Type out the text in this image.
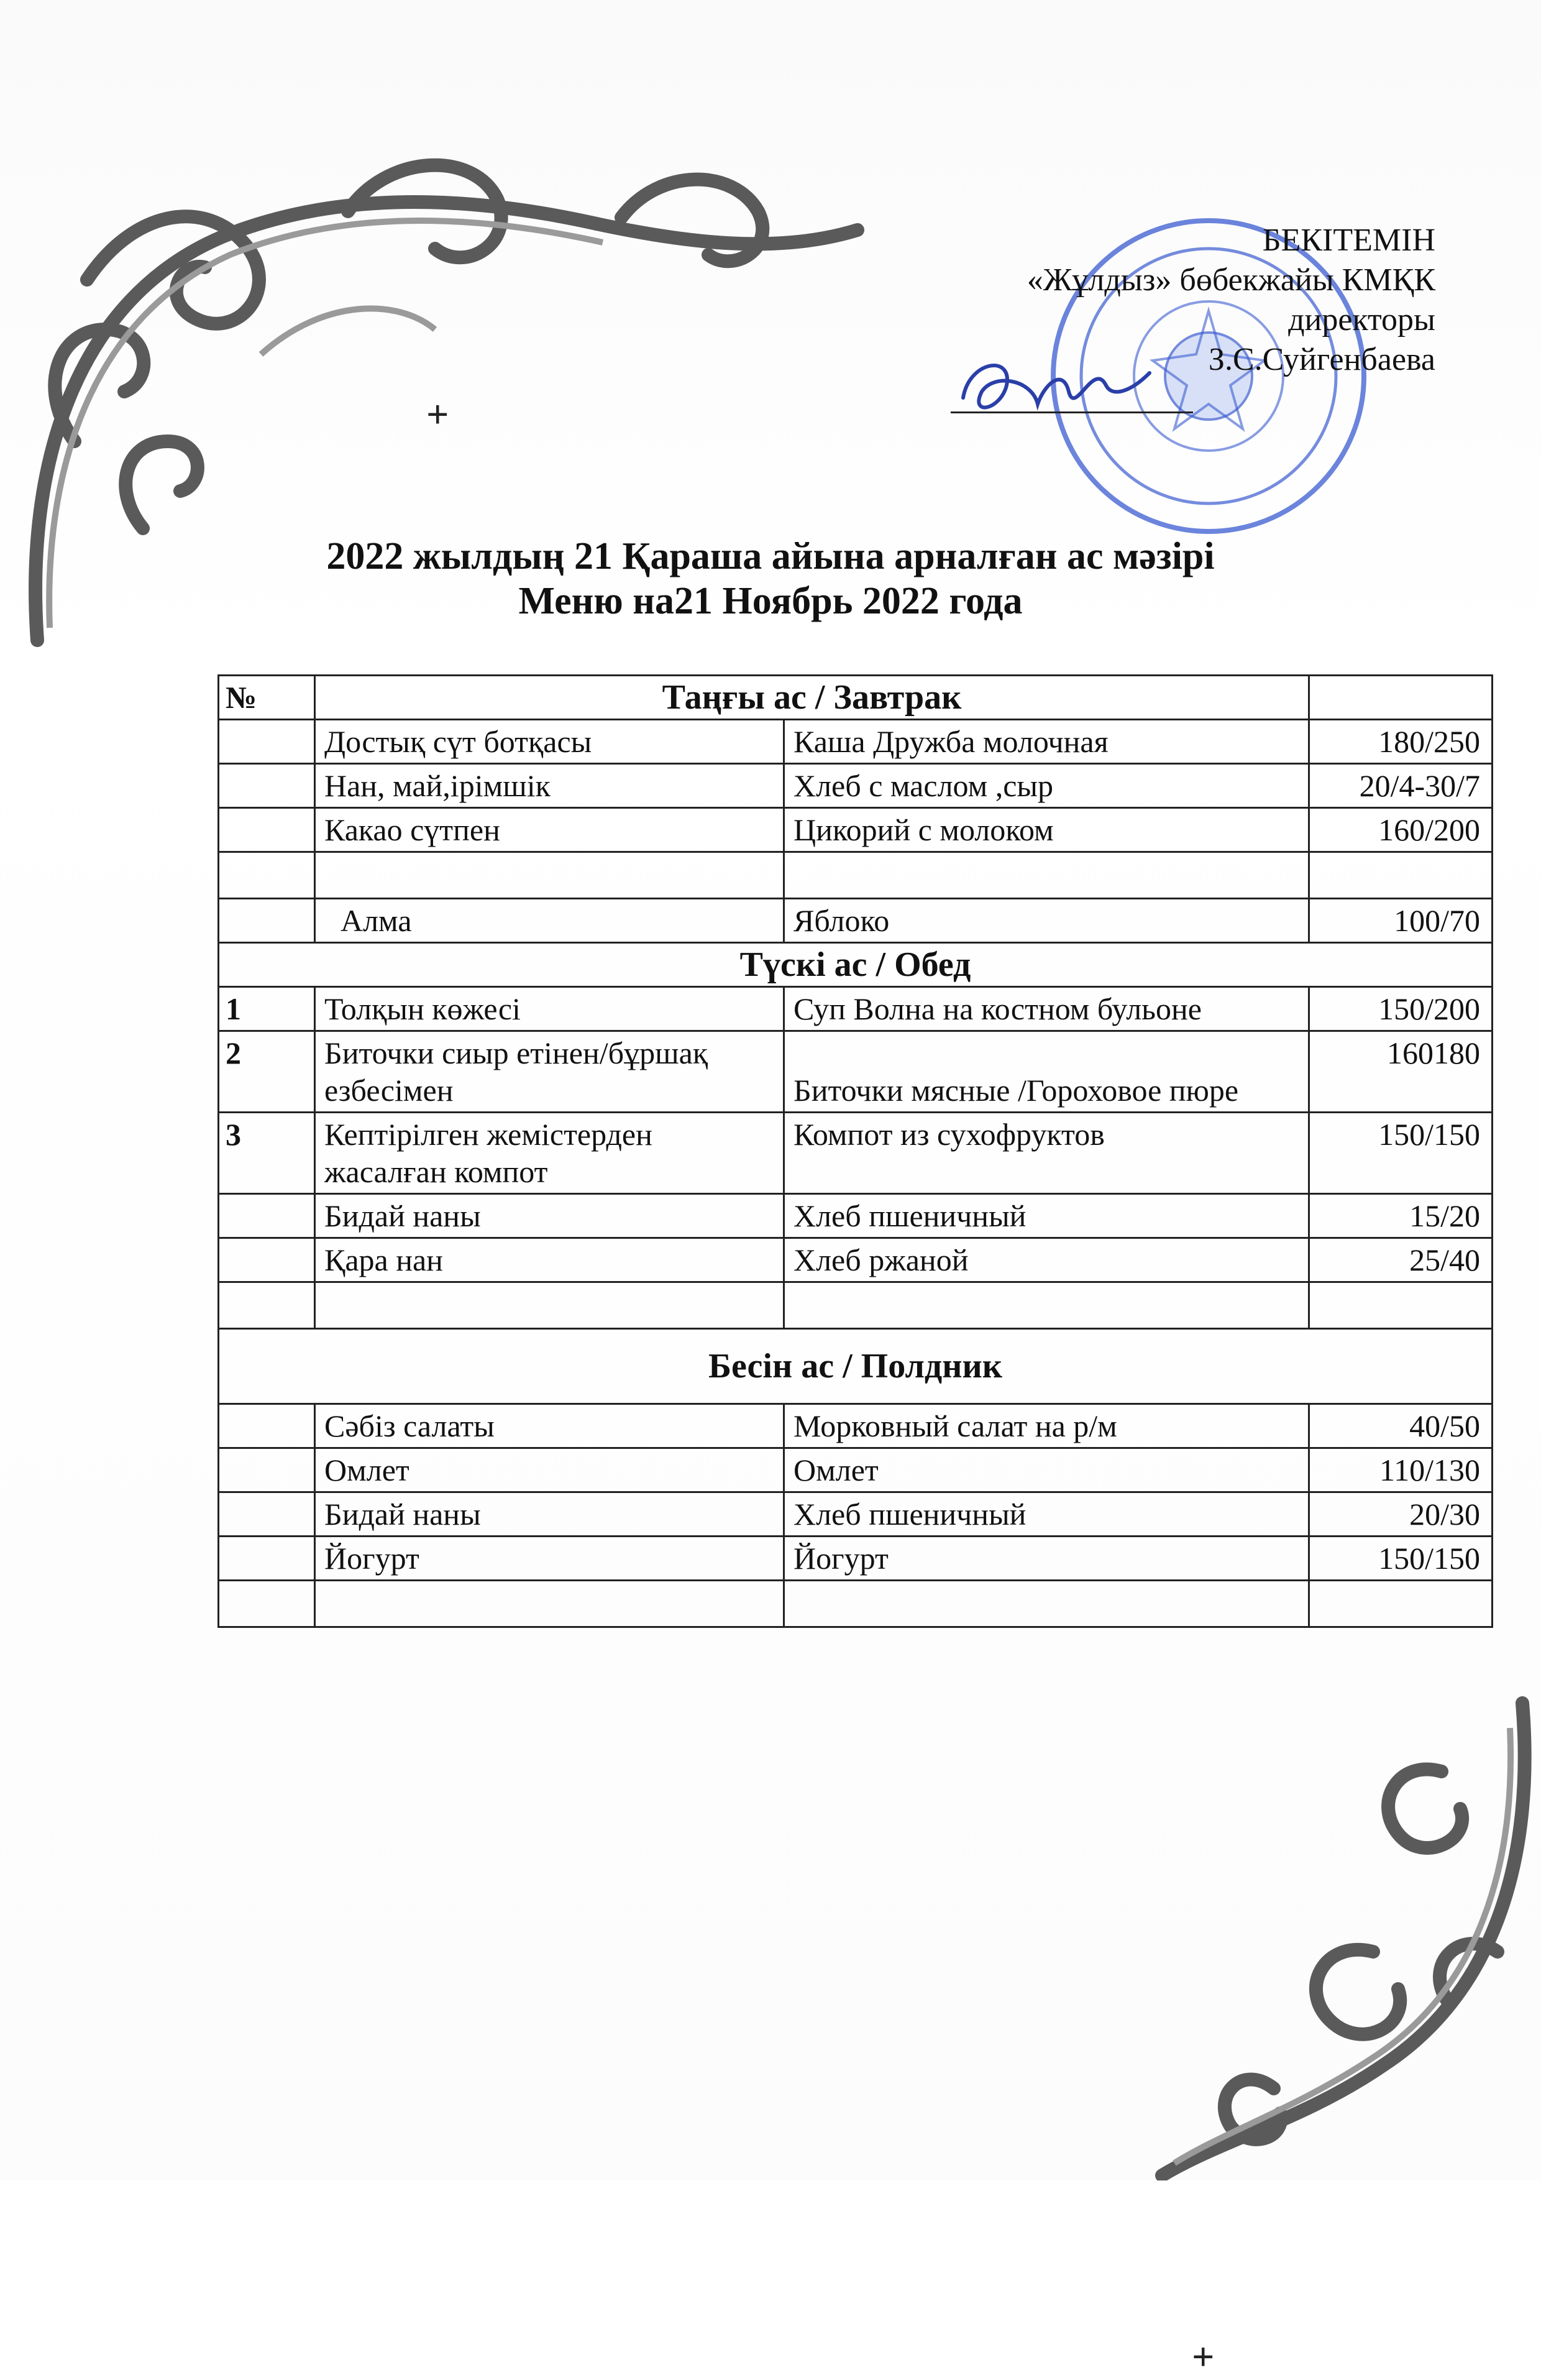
+
+
БЕКІТЕМІН
«Жұлдыз» бөбекжайы КМҚК
директоры
З.С.Суйгенбаева
2022 жылдың 21 Қараша айына арналған ас мәзірі
Меню на21 Ноябрь 2022 года
№	Таңғы ас / Завтрак		
	Достық сүт ботқасы	Каша Дружба молочная	180/250
	Нан, май,ірімшік	Хлеб с маслом ,сыр	20/4-30/7
	Какао сүтпен	Цикорий с молоком	160/200

	Алма	Яблоко	100/70
Түскі ас / Обед			
1	Толқын көжесі	Суп Волна на костном бульоне	150/200
2	Биточки сиыр етінен/бұршақ езбесімен	Биточки мясные /Гороховое пюре	160180
3	Кептірілген жемістерден жасалған компот	Компот из сухофруктов	150/150
	Бидай наны	Хлеб пшеничный	15/20
	Қара нан	Хлеб ржаной	25/40

Бесін ас / Полдник			
	Сәбіз салаты	Морковный салат на р/м	40/50
	Омлет	Омлет	110/130
	Бидай наны	Хлеб пшеничный	20/30
	Йогурт	Йогурт	150/150
